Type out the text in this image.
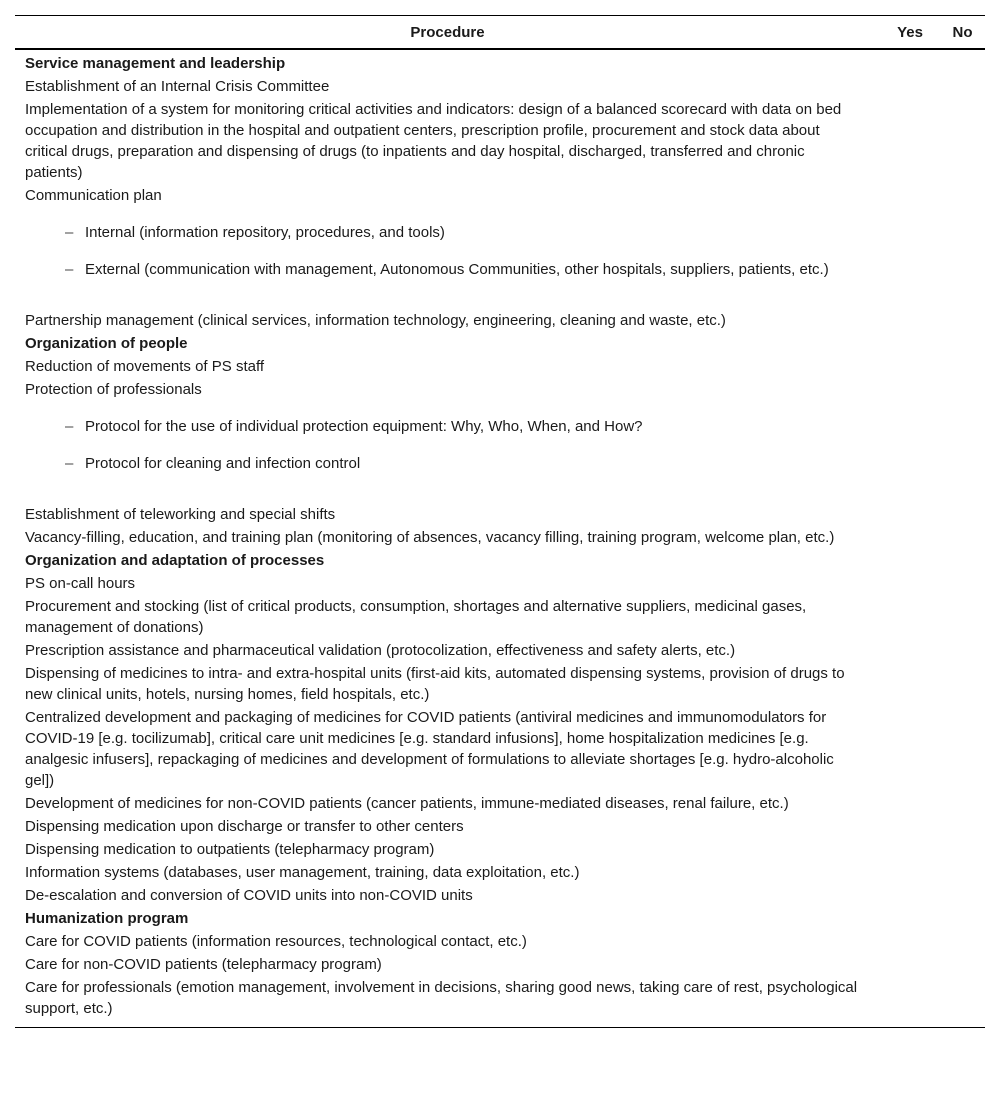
Procedure	Yes	No
Service management and leadership
Establishment of an Internal Crisis Committee
Implementation of a system for monitoring critical activities and indicators: design of a balanced scorecard with data on bed occupation and distribution in the hospital and outpatient centers, prescription profile, procurement and stock data about critical drugs, preparation and dispensing of drugs (to inpatients and day hospital, discharged, transferred and chronic patients)
Communication plan
– Internal (information repository, procedures, and tools)
– External (communication with management, Autonomous Communities, other hospitals, suppliers, patients, etc.)
Partnership management (clinical services, information technology, engineering, cleaning and waste, etc.)
Organization of people
Reduction of movements of PS staff
Protection of professionals
– Protocol for the use of individual protection equipment: Why, Who, When, and How?
– Protocol for cleaning and infection control
Establishment of teleworking and special shifts
Vacancy-filling, education, and training plan (monitoring of absences, vacancy filling, training program, welcome plan, etc.)
Organization and adaptation of processes
PS on-call hours
Procurement and stocking (list of critical products, consumption, shortages and alternative suppliers, medicinal gases, management of donations)
Prescription assistance and pharmaceutical validation (protocolization, effectiveness and safety alerts, etc.)
Dispensing of medicines to intra- and extra-hospital units (first-aid kits, automated dispensing systems, provision of drugs to new clinical units, hotels, nursing homes, field hospitals, etc.)
Centralized development and packaging of medicines for COVID patients (antiviral medicines and immunomodulators for COVID-19 [e.g. tocilizumab], critical care unit medicines [e.g. standard infusions], home hospitalization medicines [e.g. analgesic infusers], repackaging of medicines and development of formulations to alleviate shortages [e.g. hydro-alcoholic gel])
Development of medicines for non-COVID patients (cancer patients, immune-mediated diseases, renal failure, etc.)
Dispensing medication upon discharge or transfer to other centers
Dispensing medication to outpatients (telepharmacy program)
Information systems (databases, user management, training, data exploitation, etc.)
De-escalation and conversion of COVID units into non-COVID units
Humanization program
Care for COVID patients (information resources, technological contact, etc.)
Care for non-COVID patients (telepharmacy program)
Care for professionals (emotion management, involvement in decisions, sharing good news, taking care of rest, psychological support, etc.)
